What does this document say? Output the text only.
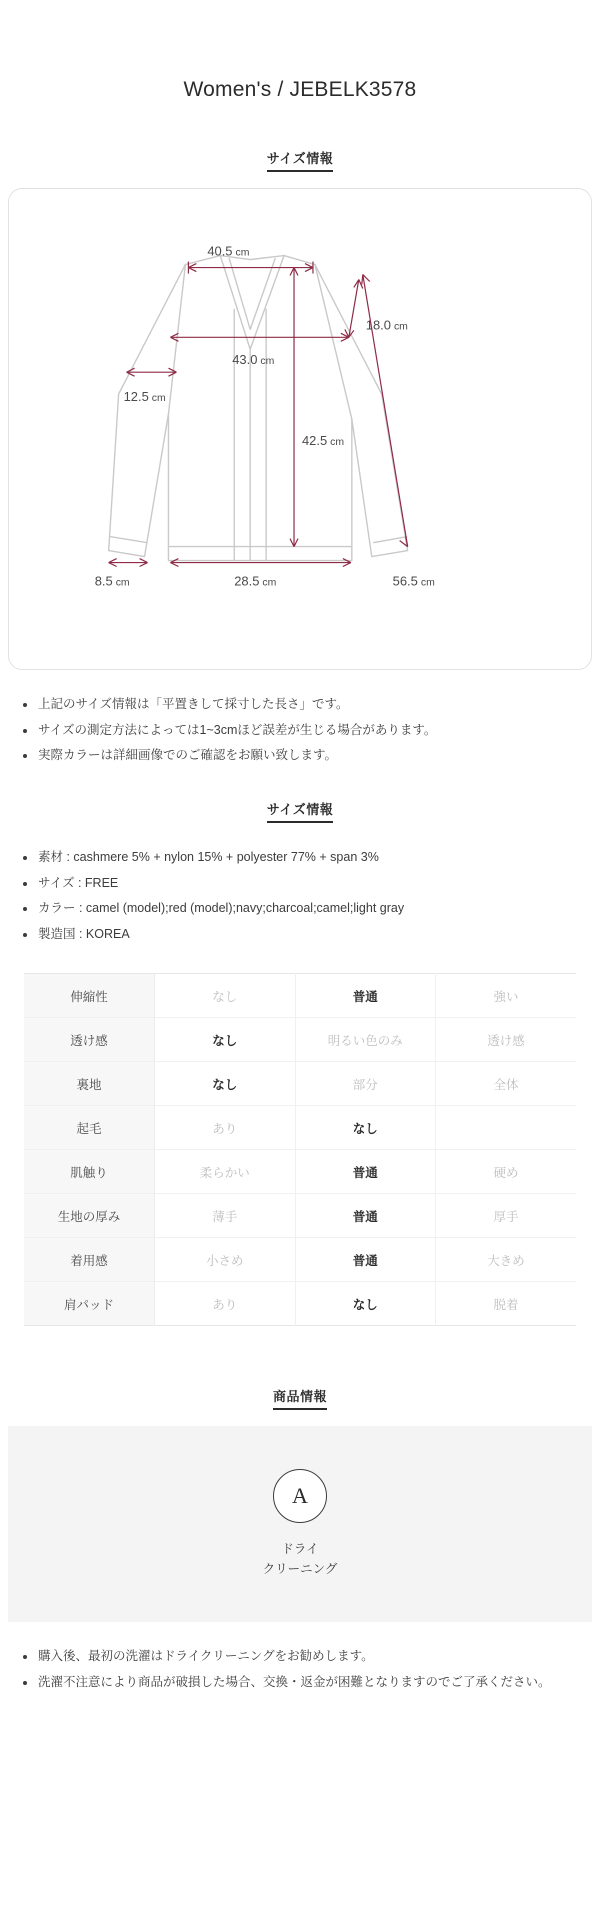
Women's / JEBELK3578
サイズ情報
40.5 cm
18.0 cm
43.0 cm
12.5 cm
42.5 cm
8.5 cm	28.5 cm	56.5 cm
上記のサイズ情報は「平置きして採寸した長さ」です。
サイズの測定方法によっては1~3cmほど誤差が生じる場合があります。
実際カラーは詳細画像でのご確認をお願い致します。
サイズ情報
素材 : cashmere 5% + nylon 15% + polyester 77% + span 3%
サイズ : FREE
カラー : camel (model);red (model);navy;charcoal;camel;light gray
製造国 : KOREA
伸縮性	なし	普通	強い
透け感	なし	明るい色のみ	透け感
裏地	なし	部分	全体
起毛	あり	なし	
肌触り	柔らかい	普通	硬め
生地の厚み	薄手	普通	厚手
着用感	小さめ	普通	大きめ
肩パッド	あり	なし	脱着
商品情報
A
ドライ
クリーニング
購入後、最初の洗濯はドライクリーニングをお勧めします。
洗濯不注意により商品が破損した場合、交換・返金が困難となりますのでご了承ください。
